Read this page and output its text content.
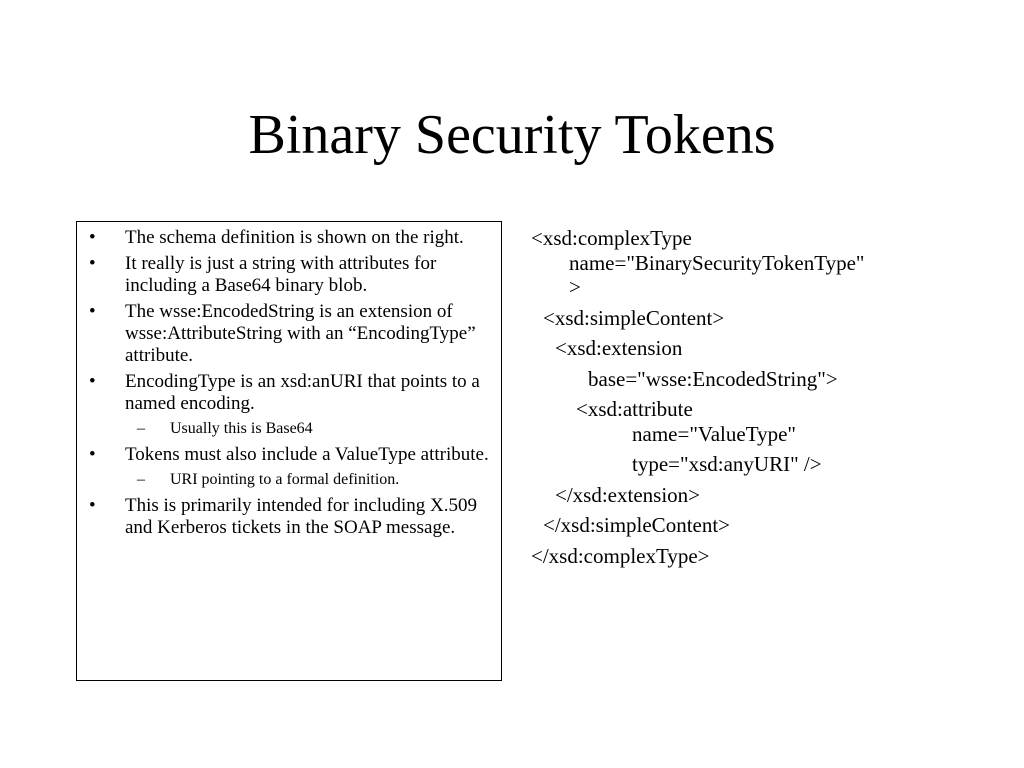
Binary Security Tokens
• The schema definition is shown on the right.
• It really is just a string with attributes for including a Base64 binary blob.
• The wsse:EncodedString is an extension of wsse:AttributeString with an “EncodingType” attribute.
• EncodingType is an xsd:anURI that points to a named encoding.
– Usually this is Base64
• Tokens must also include a ValueType attribute.
– URI pointing to a formal definition.
• This is primarily intended for including X.509 and Kerberos tickets in the SOAP message.
<xsd:complexType
name="BinarySecurityTokenType"
>
<xsd:simpleContent>
<xsd:extension
base="wsse:EncodedString">
<xsd:attribute
name="ValueType"
type="xsd:anyURI" />
</xsd:extension>
</xsd:simpleContent>
</xsd:complexType>
